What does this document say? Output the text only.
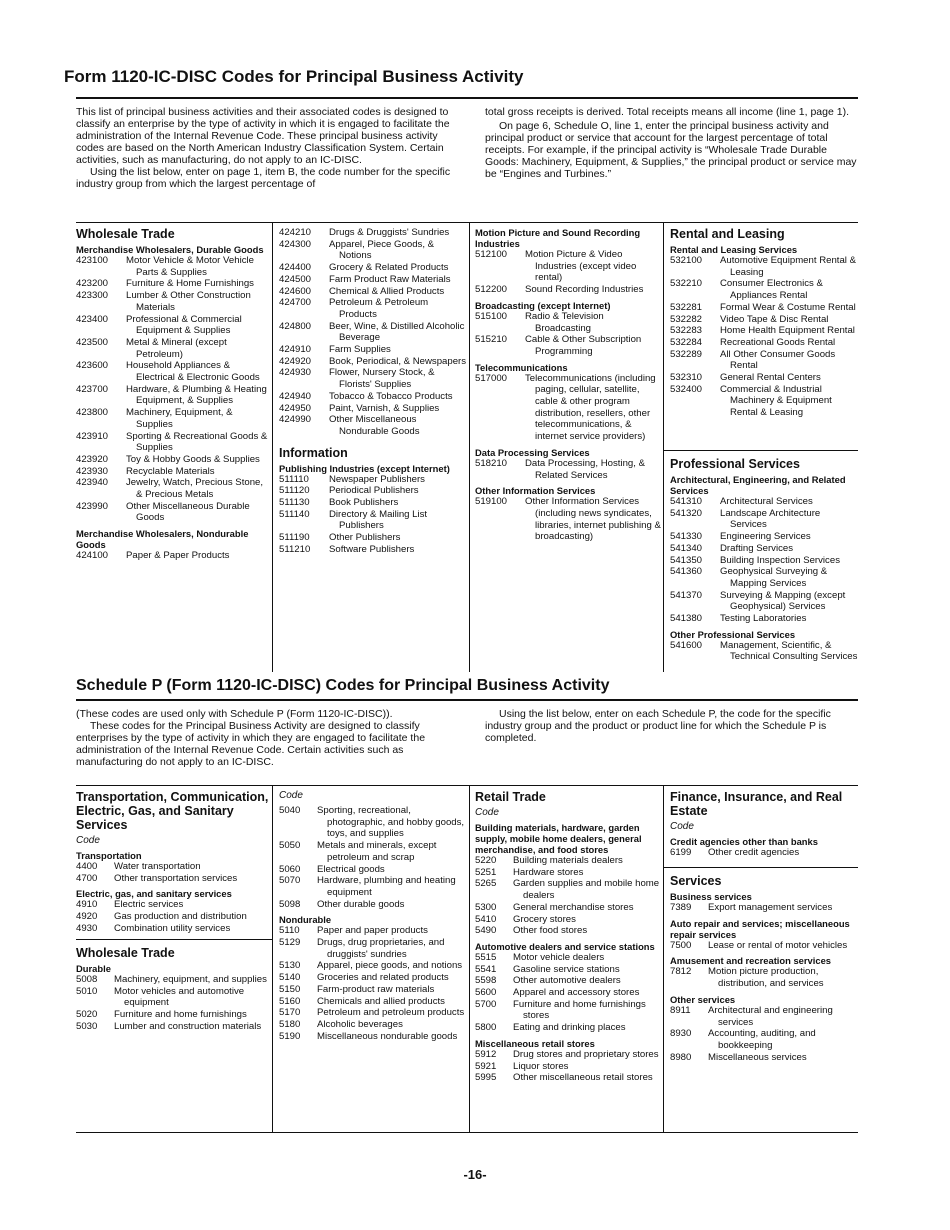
Form 1120-IC-DISC Codes for Principal Business Activity

This list of principal business activities and their associated codes is designed to classify an enterprise by the type of activity in which it is engaged to facilitate the administration of the Internal Revenue Code. These principal business activity codes are based on the North American Industry Classification System. Certain activities, such as manufacturing, do not apply to an IC-DISC.

Using the list below, enter on page 1, item B, the code number for the specific industry group from which the largest percentage of

total gross receipts is derived. Total receipts means all income (line 1, page 1).

On page 6, Schedule O, line 1, enter the principal business activity and principal product or service that account for the largest percentage of total receipts. For example, if the principal activity is “Wholesale Trade Durable Goods: Machinery, Equipment, & Supplies,” the principal product or service may be “Engines and Turbines.”

Wholesale Trade
Merchandise Wholesalers, Durable Goods
423100	Motor Vehicle & Motor Vehicle Parts & Supplies
423200	Furniture & Home Furnishings
423300	Lumber & Other Construction Materials
423400	Professional & Commercial Equipment & Supplies
423500	Metal & Mineral (except Petroleum)
423600	Household Appliances & Electrical & Electronic Goods
423700	Hardware, & Plumbing & Heating Equipment, & Supplies
423800	Machinery, Equipment, & Supplies
423910	Sporting & Recreational Goods & Supplies
423920	Toy & Hobby Goods & Supplies
423930	Recyclable Materials
423940	Jewelry, Watch, Precious Stone, & Precious Metals
423990	Other Miscellaneous Durable Goods
Merchandise Wholesalers, Nondurable Goods
424100	Paper & Paper Products
424210	Drugs & Druggists' Sundries
424300	Apparel, Piece Goods, & Notions
424400	Grocery & Related Products
424500	Farm Product Raw Materials
424600	Chemical & Allied Products
424700	Petroleum & Petroleum Products
424800	Beer, Wine, & Distilled Alcoholic Beverage
424910	Farm Supplies
424920	Book, Periodical, & Newspapers
424930	Flower, Nursery Stock, & Florists' Supplies
424940	Tobacco & Tobacco Products
424950	Paint, Varnish, & Supplies
424990	Other Miscellaneous Nondurable Goods
Information
Publishing Industries (except Internet)
511110	Newspaper Publishers
511120	Periodical Publishers
511130	Book Publishers
511140	Directory & Mailing List Publishers
511190	Other Publishers
511210	Software Publishers
Motion Picture and Sound Recording Industries
512100	Motion Picture & Video Industries (except video rental)
512200	Sound Recording Industries
Broadcasting (except Internet)
515100	Radio & Television Broadcasting
515210	Cable & Other Subscription Programming
Telecommunications
517000	Telecommunications (including paging, cellular, satellite, cable & other program distribution, resellers, other telecommunications, & internet service providers)
Data Processing Services
518210	Data Processing, Hosting, & Related Services
Other Information Services
519100	Other Information Services (including news syndicates, libraries, internet publishing & broadcasting)
Rental and Leasing
Rental and Leasing Services
532100	Automotive Equipment Rental & Leasing
532210	Consumer Electronics & Appliances Rental
532281	Formal Wear & Costume Rental
532282	Video Tape & Disc Rental
532283	Home Health Equipment Rental
532284	Recreational Goods Rental
532289	All Other Consumer Goods Rental
532310	General Rental Centers
532400	Commercial & Industrial Machinery & Equipment Rental & Leasing
Professional Services
Architectural, Engineering, and Related Services
541310	Architectural Services
541320	Landscape Architecture Services
541330	Engineering Services
541340	Drafting Services
541350	Building Inspection Services
541360	Geophysical Surveying & Mapping Services
541370	Surveying & Mapping (except Geophysical) Services
541380	Testing Laboratories
Other Professional Services
541600	Management, Scientific, & Technical Consulting Services
Schedule P (Form 1120-IC-DISC) Codes for Principal Business Activity

(These codes are used only with Schedule P (Form 1120-IC-DISC)).

These codes for the Principal Business Activity are designed to classify enterprises by the type of activity in which they are engaged to facilitate the administration of the Internal Revenue Code. Certain activities such as manufacturing do not apply to an IC-DISC.

Using the list below, enter on each Schedule P, the code for the specific industry group and the product or product line for which the Schedule P is completed.

Transportation, Communication, Electric, Gas, and Sanitary Services
Code
Transportation
4400	Water transportation
4700	Other transportation services
Electric, gas, and sanitary services
4910	Electric services
4920	Gas production and distribution
4930	Combination utility services
Wholesale Trade
Durable
5008	Machinery, equipment, and supplies
5010	Motor vehicles and automotive equipment
5020	Furniture and home furnishings
5030	Lumber and construction materials
Code
5040	Sporting, recreational, photographic, and hobby goods, toys, and supplies
5050	Metals and minerals, except petroleum and scrap
5060	Electrical goods
5070	Hardware, plumbing and heating equipment
5098	Other durable goods
Nondurable
5110	Paper and paper products
5129	Drugs, drug proprietaries, and druggists' sundries
5130	Apparel, piece goods, and notions
5140	Groceries and related products
5150	Farm-product raw materials
5160	Chemicals and allied products
5170	Petroleum and petroleum products
5180	Alcoholic beverages
5190	Miscellaneous nondurable goods
Retail Trade
Code
Building materials, hardware, garden supply, mobile home dealers, general merchandise, and food stores
5220	Building materials dealers
5251	Hardware stores
5265	Garden supplies and mobile home dealers
5300	General merchandise stores
5410	Grocery stores
5490	Other food stores
Automotive dealers and service stations
5515	Motor vehicle dealers
5541	Gasoline service stations
5598	Other automotive dealers
5600	Apparel and accessory stores
5700	Furniture and home furnishings stores
5800	Eating and drinking places
Miscellaneous retail stores
5912	Drug stores and proprietary stores
5921	Liquor stores
5995	Other miscellaneous retail stores
Finance, Insurance, and Real Estate
Code
Credit agencies other than banks
6199	Other credit agencies
Services
Business services
7389	Export management services
Auto repair and services; miscellaneous repair services
7500	Lease or rental of motor vehicles
Amusement and recreation services
7812	Motion picture production, distribution, and services
Other services
8911	Architectural and engineering services
8930	Accounting, auditing, and bookkeeping
8980	Miscellaneous services
-16-
